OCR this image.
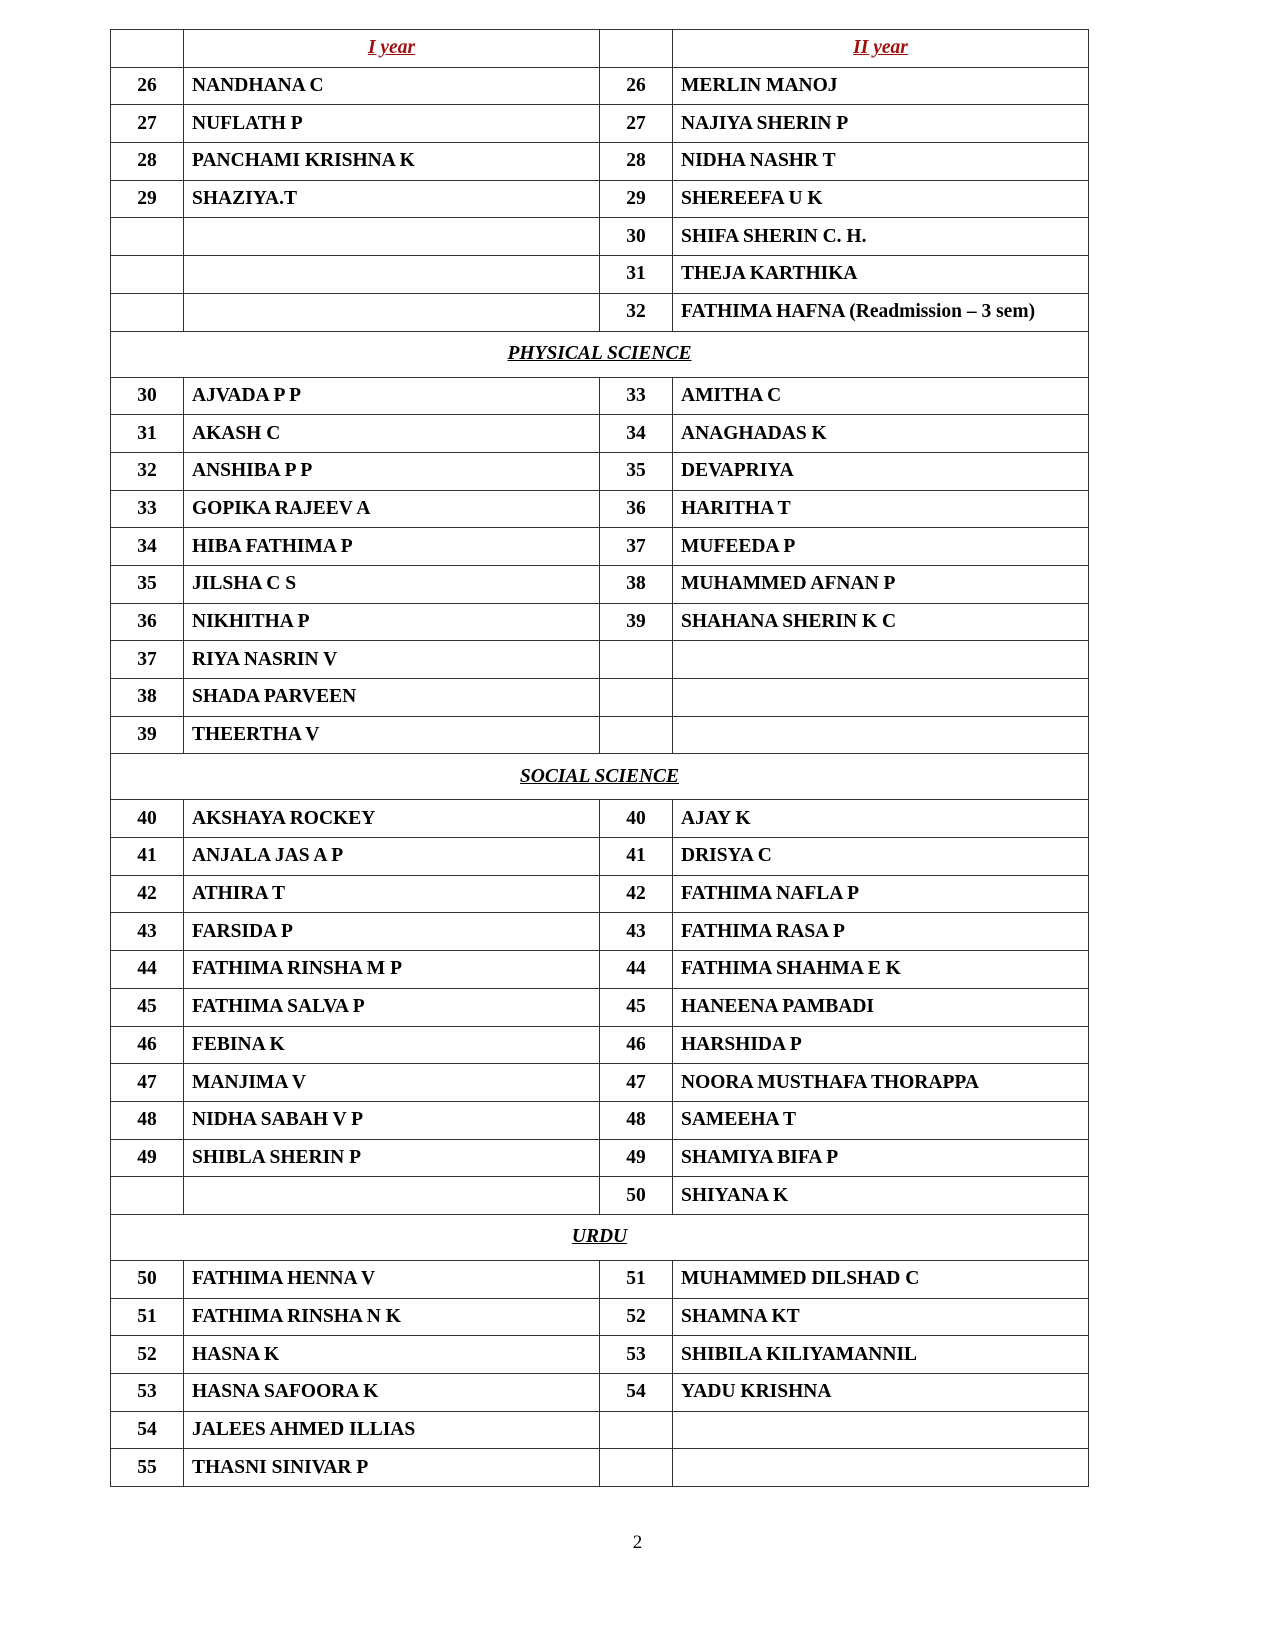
	I year		II year
26	NANDHANA C	26	MERLIN MANOJ
27	NUFLATH P	27	NAJIYA SHERIN P
28	PANCHAMI KRISHNA K	28	NIDHA NASHR T
29	SHAZIYA.T	29	SHEREEFA U K
		30	SHIFA SHERIN C. H.
		31	THEJA KARTHIKA
		32	FATHIMA HAFNA (Readmission – 3 sem)
PHYSICAL SCIENCE			
30	AJVADA P P	33	AMITHA C
31	AKASH C	34	ANAGHADAS K
32	ANSHIBA P P	35	DEVAPRIYA
33	GOPIKA RAJEEV A	36	HARITHA T
34	HIBA FATHIMA P	37	MUFEEDA P
35	JILSHA C S	38	MUHAMMED AFNAN P
36	NIKHITHA P	39	SHAHANA SHERIN K C
37	RIYA NASRIN V		
38	SHADA PARVEEN		
39	THEERTHA V		
SOCIAL SCIENCE			
40	AKSHAYA ROCKEY	40	AJAY K
41	ANJALA JAS A P	41	DRISYA C
42	ATHIRA T	42	FATHIMA NAFLA P
43	FARSIDA P	43	FATHIMA RASA P
44	FATHIMA RINSHA M P	44	FATHIMA SHAHMA E K
45	FATHIMA SALVA P	45	HANEENA PAMBADI
46	FEBINA K	46	HARSHIDA P
47	MANJIMA V	47	NOORA MUSTHAFA THORAPPA
48	NIDHA SABAH V P	48	SAMEEHA T
49	SHIBLA SHERIN P	49	SHAMIYA BIFA P
		50	SHIYANA K
URDU			
50	FATHIMA HENNA V	51	MUHAMMED DILSHAD C
51	FATHIMA RINSHA N K	52	SHAMNA KT
52	HASNA K	53	SHIBILA KILIYAMANNIL
53	HASNA SAFOORA K	54	YADU KRISHNA
54	JALEES AHMED ILLIAS		
55	THASNI SINIVAR P		
2
